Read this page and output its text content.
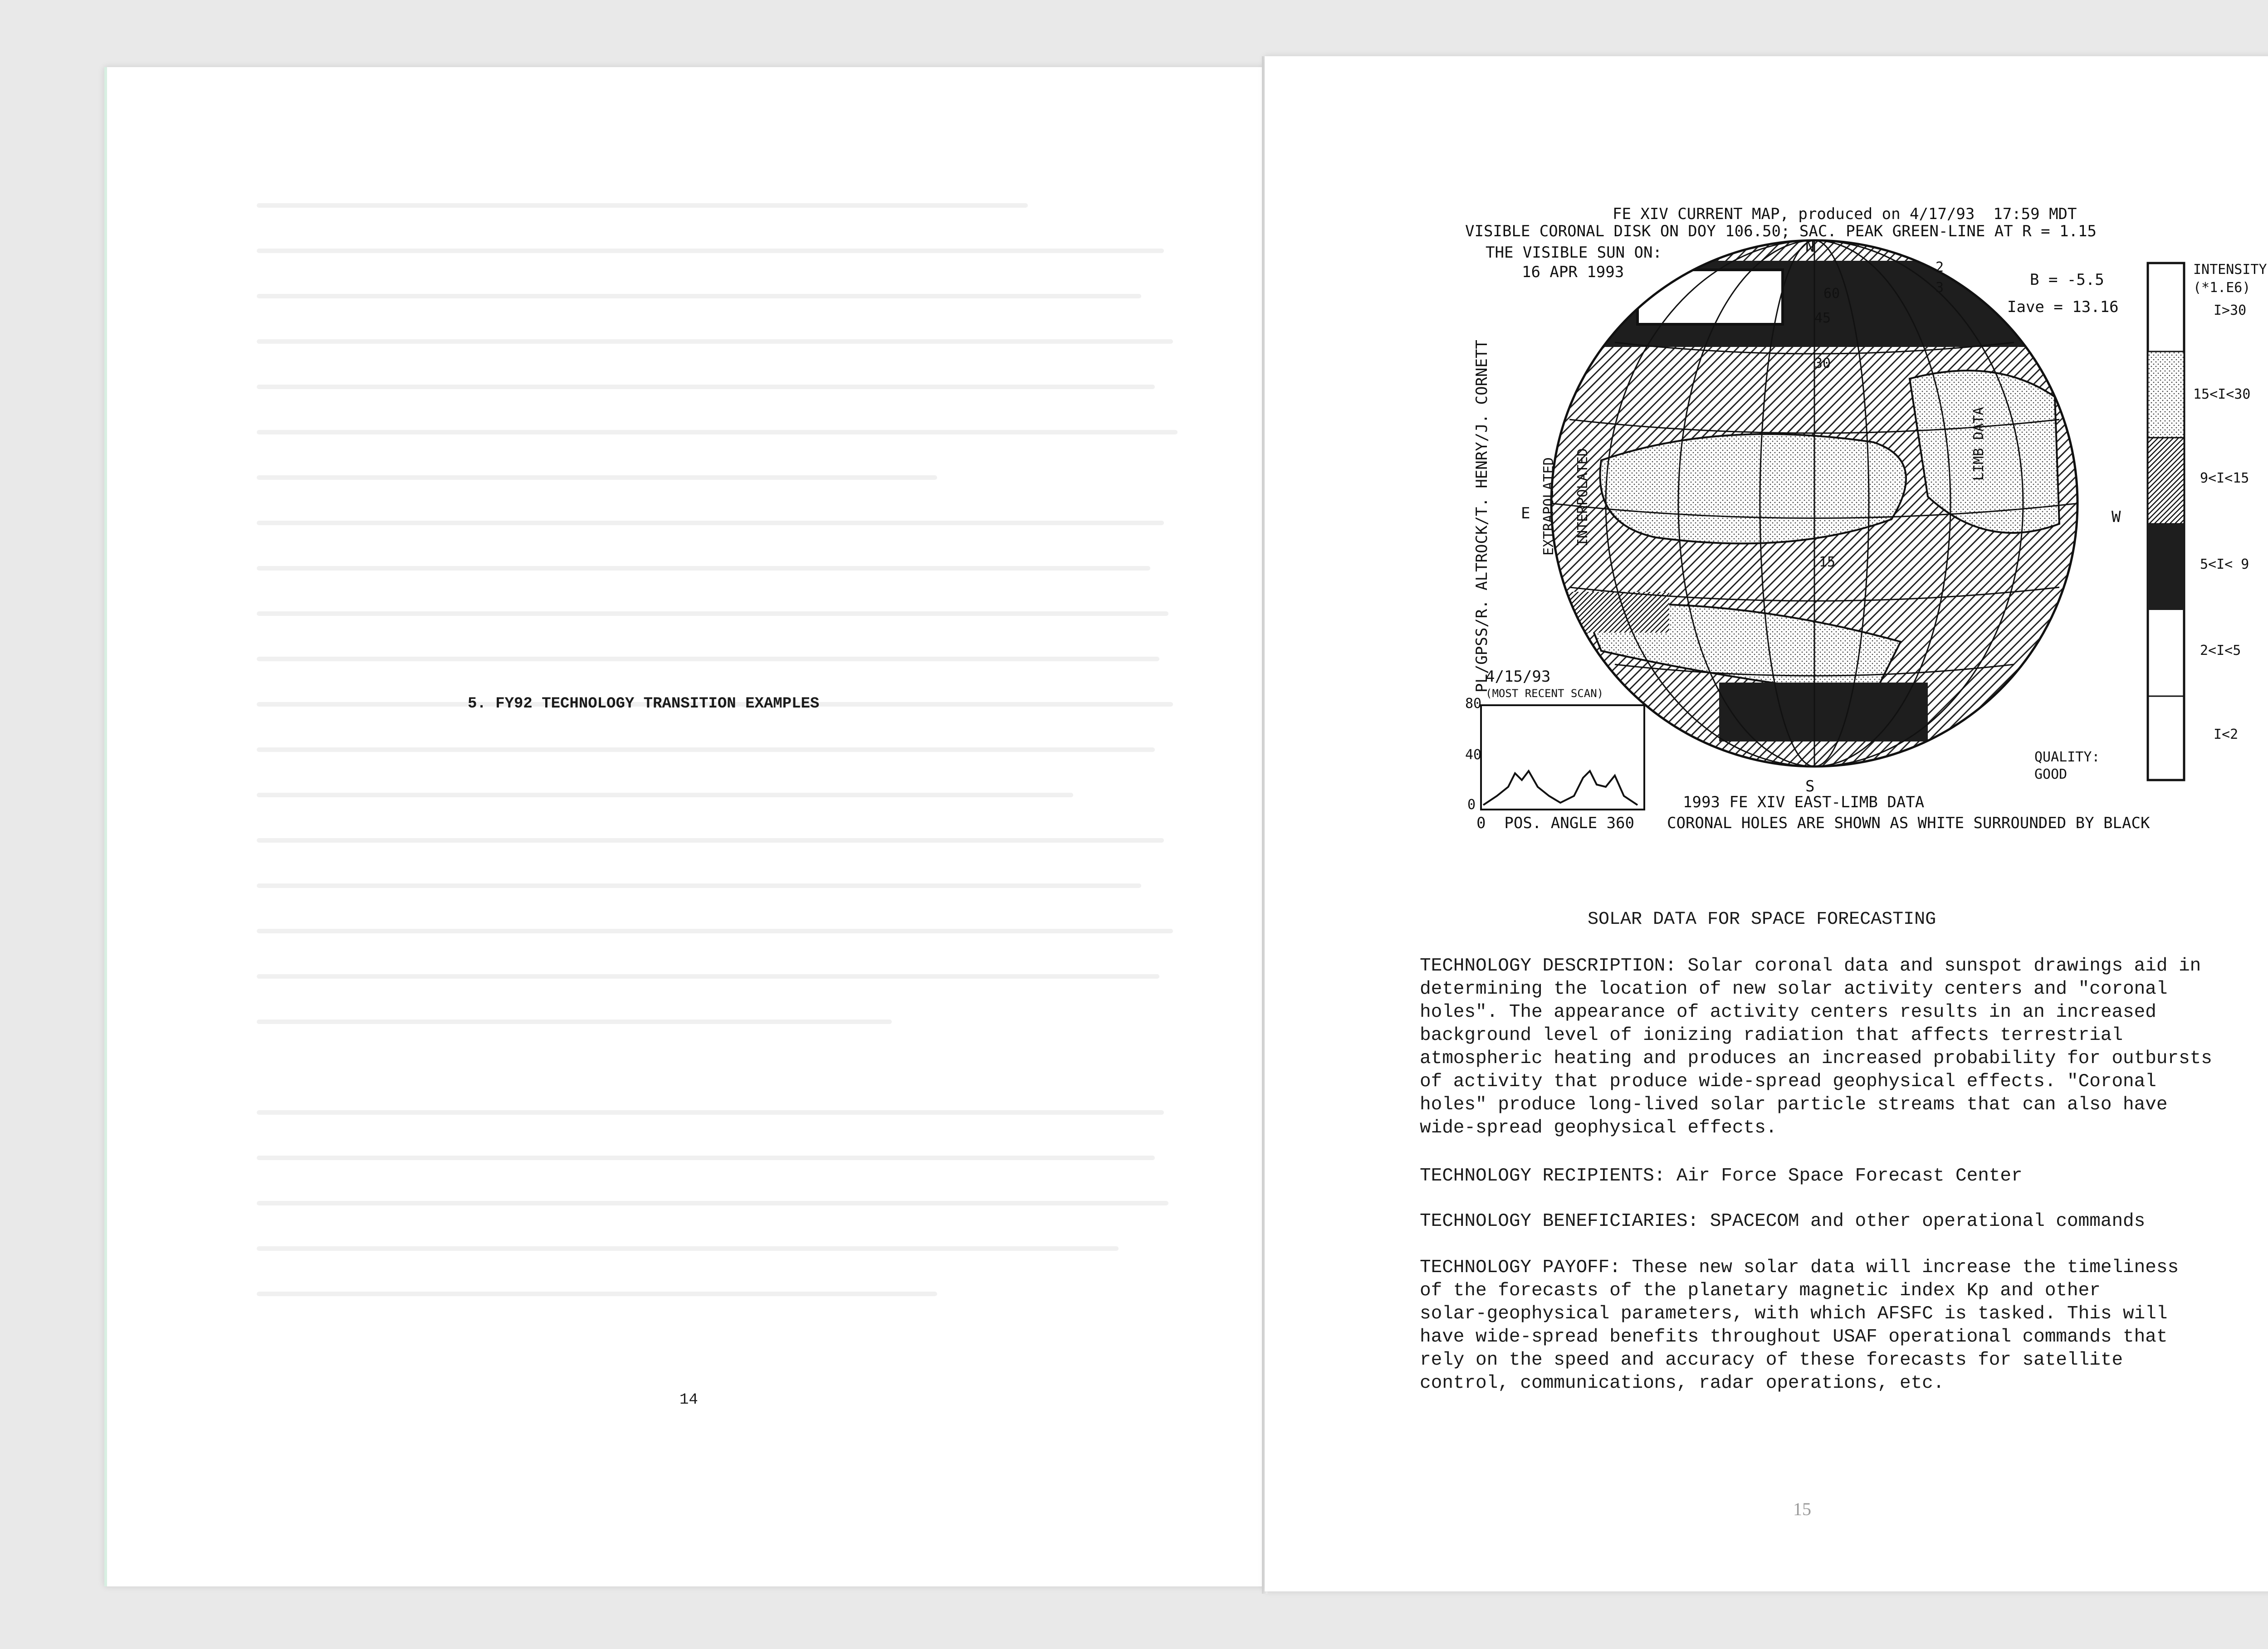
5. FY92 TECHNOLOGY TRANSITION EXAMPLES
14
15
FE XIV CURRENT MAP, produced on 4/17/93  17:59 MDT
VISIBLE CORONAL DISK ON DOY 106.50; SAC. PEAK GREEN-LINE AT R = 1.15
THE VISIBLE SUN ON:
16 APR 1993
N
60
45
30
15
2
3	B = -5.5
Iave = 13.16
E	W
S
PL/GPSS/R. ALTROCK/T. HENRY/J. CORNETT	EXTRAPOLATED INTERPOLATED
LIMB DATA
INTENSITY
(*1.E6)
I>30
15<I<30
9<I<15
5<I< 9
2<I<5
I<2
QUALITY:
GOOD
4/15/93
(MOST RECENT SCAN)
80
40
0
0  POS. ANGLE 360
1993 FE XIV EAST-LIMB DATA
CORONAL HOLES ARE SHOWN AS WHITE SURROUNDED BY BLACK
SOLAR DATA FOR SPACE FORECASTING
TECHNOLOGY DESCRIPTION: Solar coronal data and sunspot drawings aid in
determining the location of new solar activity centers and "coronal
holes". The appearance of activity centers results in an increased
background level of ionizing radiation that affects terrestrial
atmospheric heating and produces an increased probability for outbursts
of activity that produce wide-spread geophysical effects. "Coronal
holes" produce long-lived solar particle streams that can also have
wide-spread geophysical effects.
TECHNOLOGY RECIPIENTS: Air Force Space Forecast Center
TECHNOLOGY BENEFICIARIES: SPACECOM and other operational commands
TECHNOLOGY PAYOFF: These new solar data will increase the timeliness
of the forecasts of the planetary magnetic index Kp and other
solar-geophysical parameters, with which AFSFC is tasked. This will
have wide-spread benefits throughout USAF operational commands that
rely on the speed and accuracy of these forecasts for satellite
control, communications, radar operations, etc.
